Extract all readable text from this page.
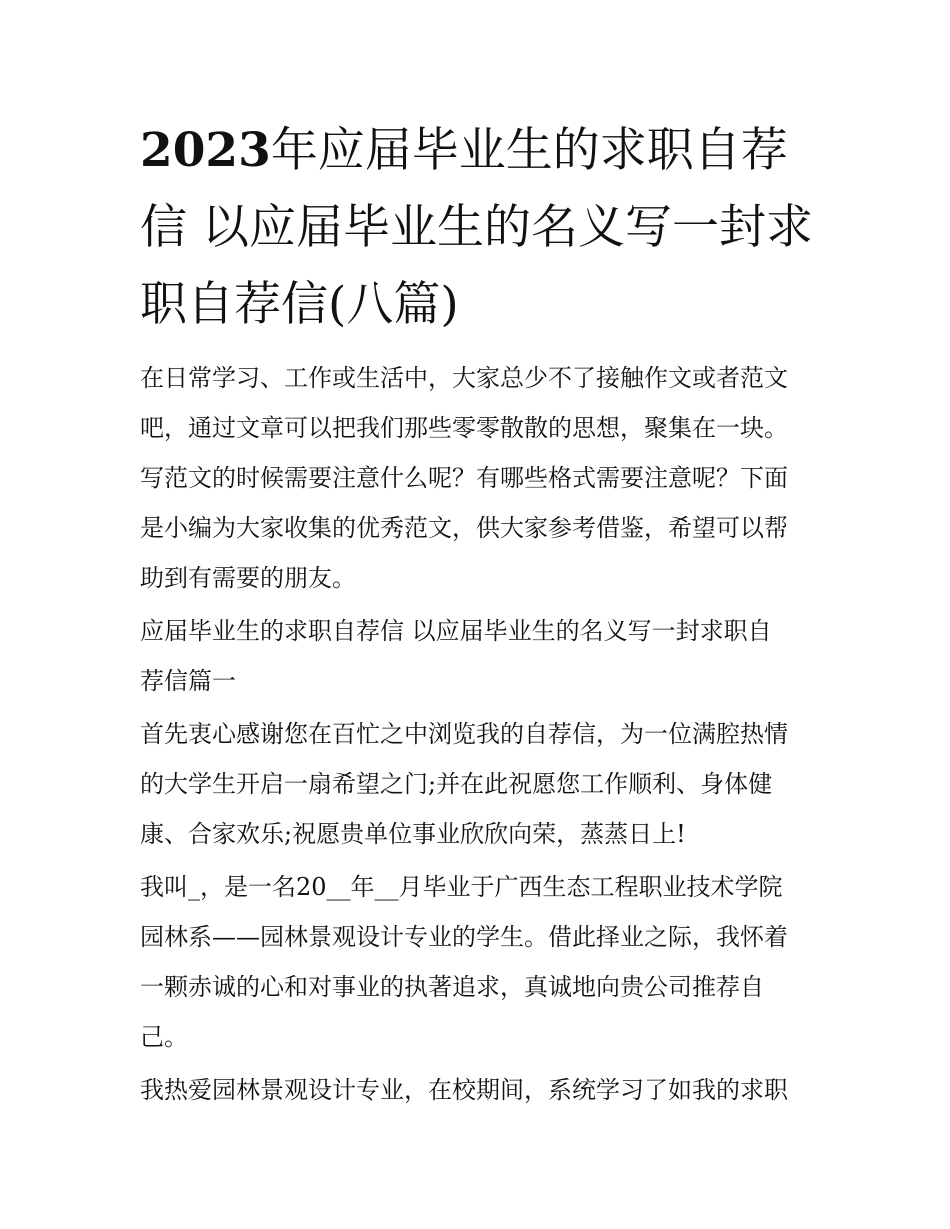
2023年应届毕业生的求职自荐信 以应届毕业生的名义写一封求职自荐信(八篇)

在日常学习、工作或生活中，大家总少不了接触作文或者范文

吧，通过文章可以把我们那些零零散散的思想，聚集在一块。

写范文的时候需要注意什么呢？有哪些格式需要注意呢？下面

是小编为大家收集的优秀范文，供大家参考借鉴，希望可以帮

助到有需要的朋友。

应届毕业生的求职自荐信 以应届毕业生的名义写一封求职自

荐信篇一

首先衷心感谢您在百忙之中浏览我的自荐信，为一位满腔热情

的大学生开启一扇希望之门;并在此祝愿您工作顺利、身体健

康、合家欢乐;祝愿贵单位事业欣欣向荣，蒸蒸日上!

我叫_，是一名20__年__月毕业于广西生态工程职业技术学院

园林系——园林景观设计专业的学生。借此择业之际，我怀着

一颗赤诚的心和对事业的执著追求，真诚地向贵公司推荐自

己。

我热爱园林景观设计专业，在校期间，系统学习了如我的求职
